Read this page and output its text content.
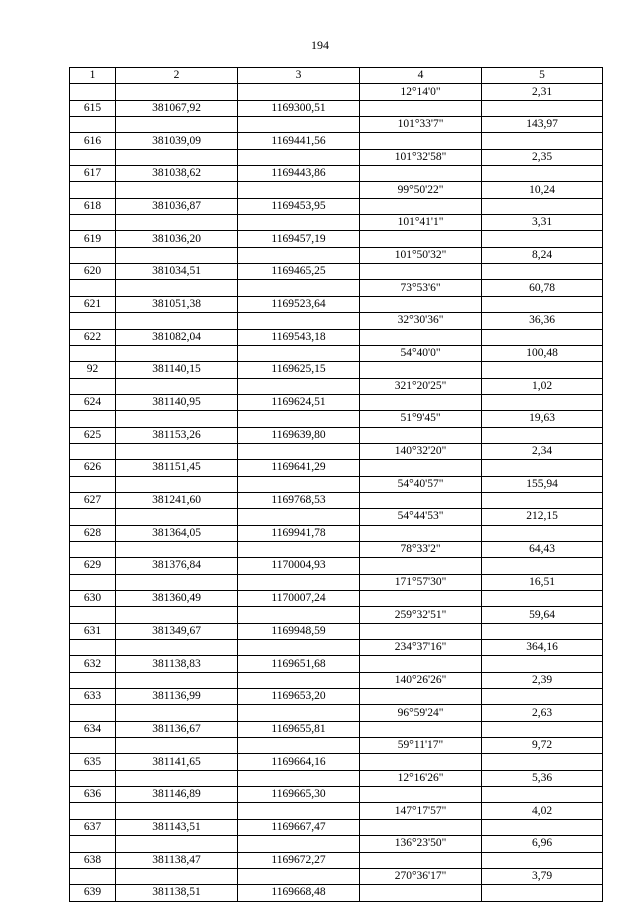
194
1	2	3	4	5
			12°14'0"	2,31
615	381067,92	1169300,51		
			101°33'7"	143,97
616	381039,09	1169441,56		
			101°32'58"	2,35
617	381038,62	1169443,86		
			99°50'22"	10,24
618	381036,87	1169453,95		
			101°41'1"	3,31
619	381036,20	1169457,19		
			101°50'32"	8,24
620	381034,51	1169465,25		
			73°53'6"	60,78
621	381051,38	1169523,64		
			32°30'36"	36,36
622	381082,04	1169543,18		
			54°40'0"	100,48
92	381140,15	1169625,15		
			321°20'25"	1,02
624	381140,95	1169624,51		
			51°9'45"	19,63
625	381153,26	1169639,80		
			140°32'20"	2,34
626	381151,45	1169641,29		
			54°40'57"	155,94
627	381241,60	1169768,53		
			54°44'53"	212,15
628	381364,05	1169941,78		
			78°33'2"	64,43
629	381376,84	1170004,93		
			171°57'30"	16,51
630	381360,49	1170007,24		
			259°32'51"	59,64
631	381349,67	1169948,59		
			234°37'16"	364,16
632	381138,83	1169651,68		
			140°26'26"	2,39
633	381136,99	1169653,20		
			96°59'24"	2,63
634	381136,67	1169655,81		
			59°11'17"	9,72
635	381141,65	1169664,16		
			12°16'26"	5,36
636	381146,89	1169665,30		
			147°17'57"	4,02
637	381143,51	1169667,47		
			136°23'50"	6,96
638	381138,47	1169672,27		
			270°36'17"	3,79
639	381138,51	1169668,48		
